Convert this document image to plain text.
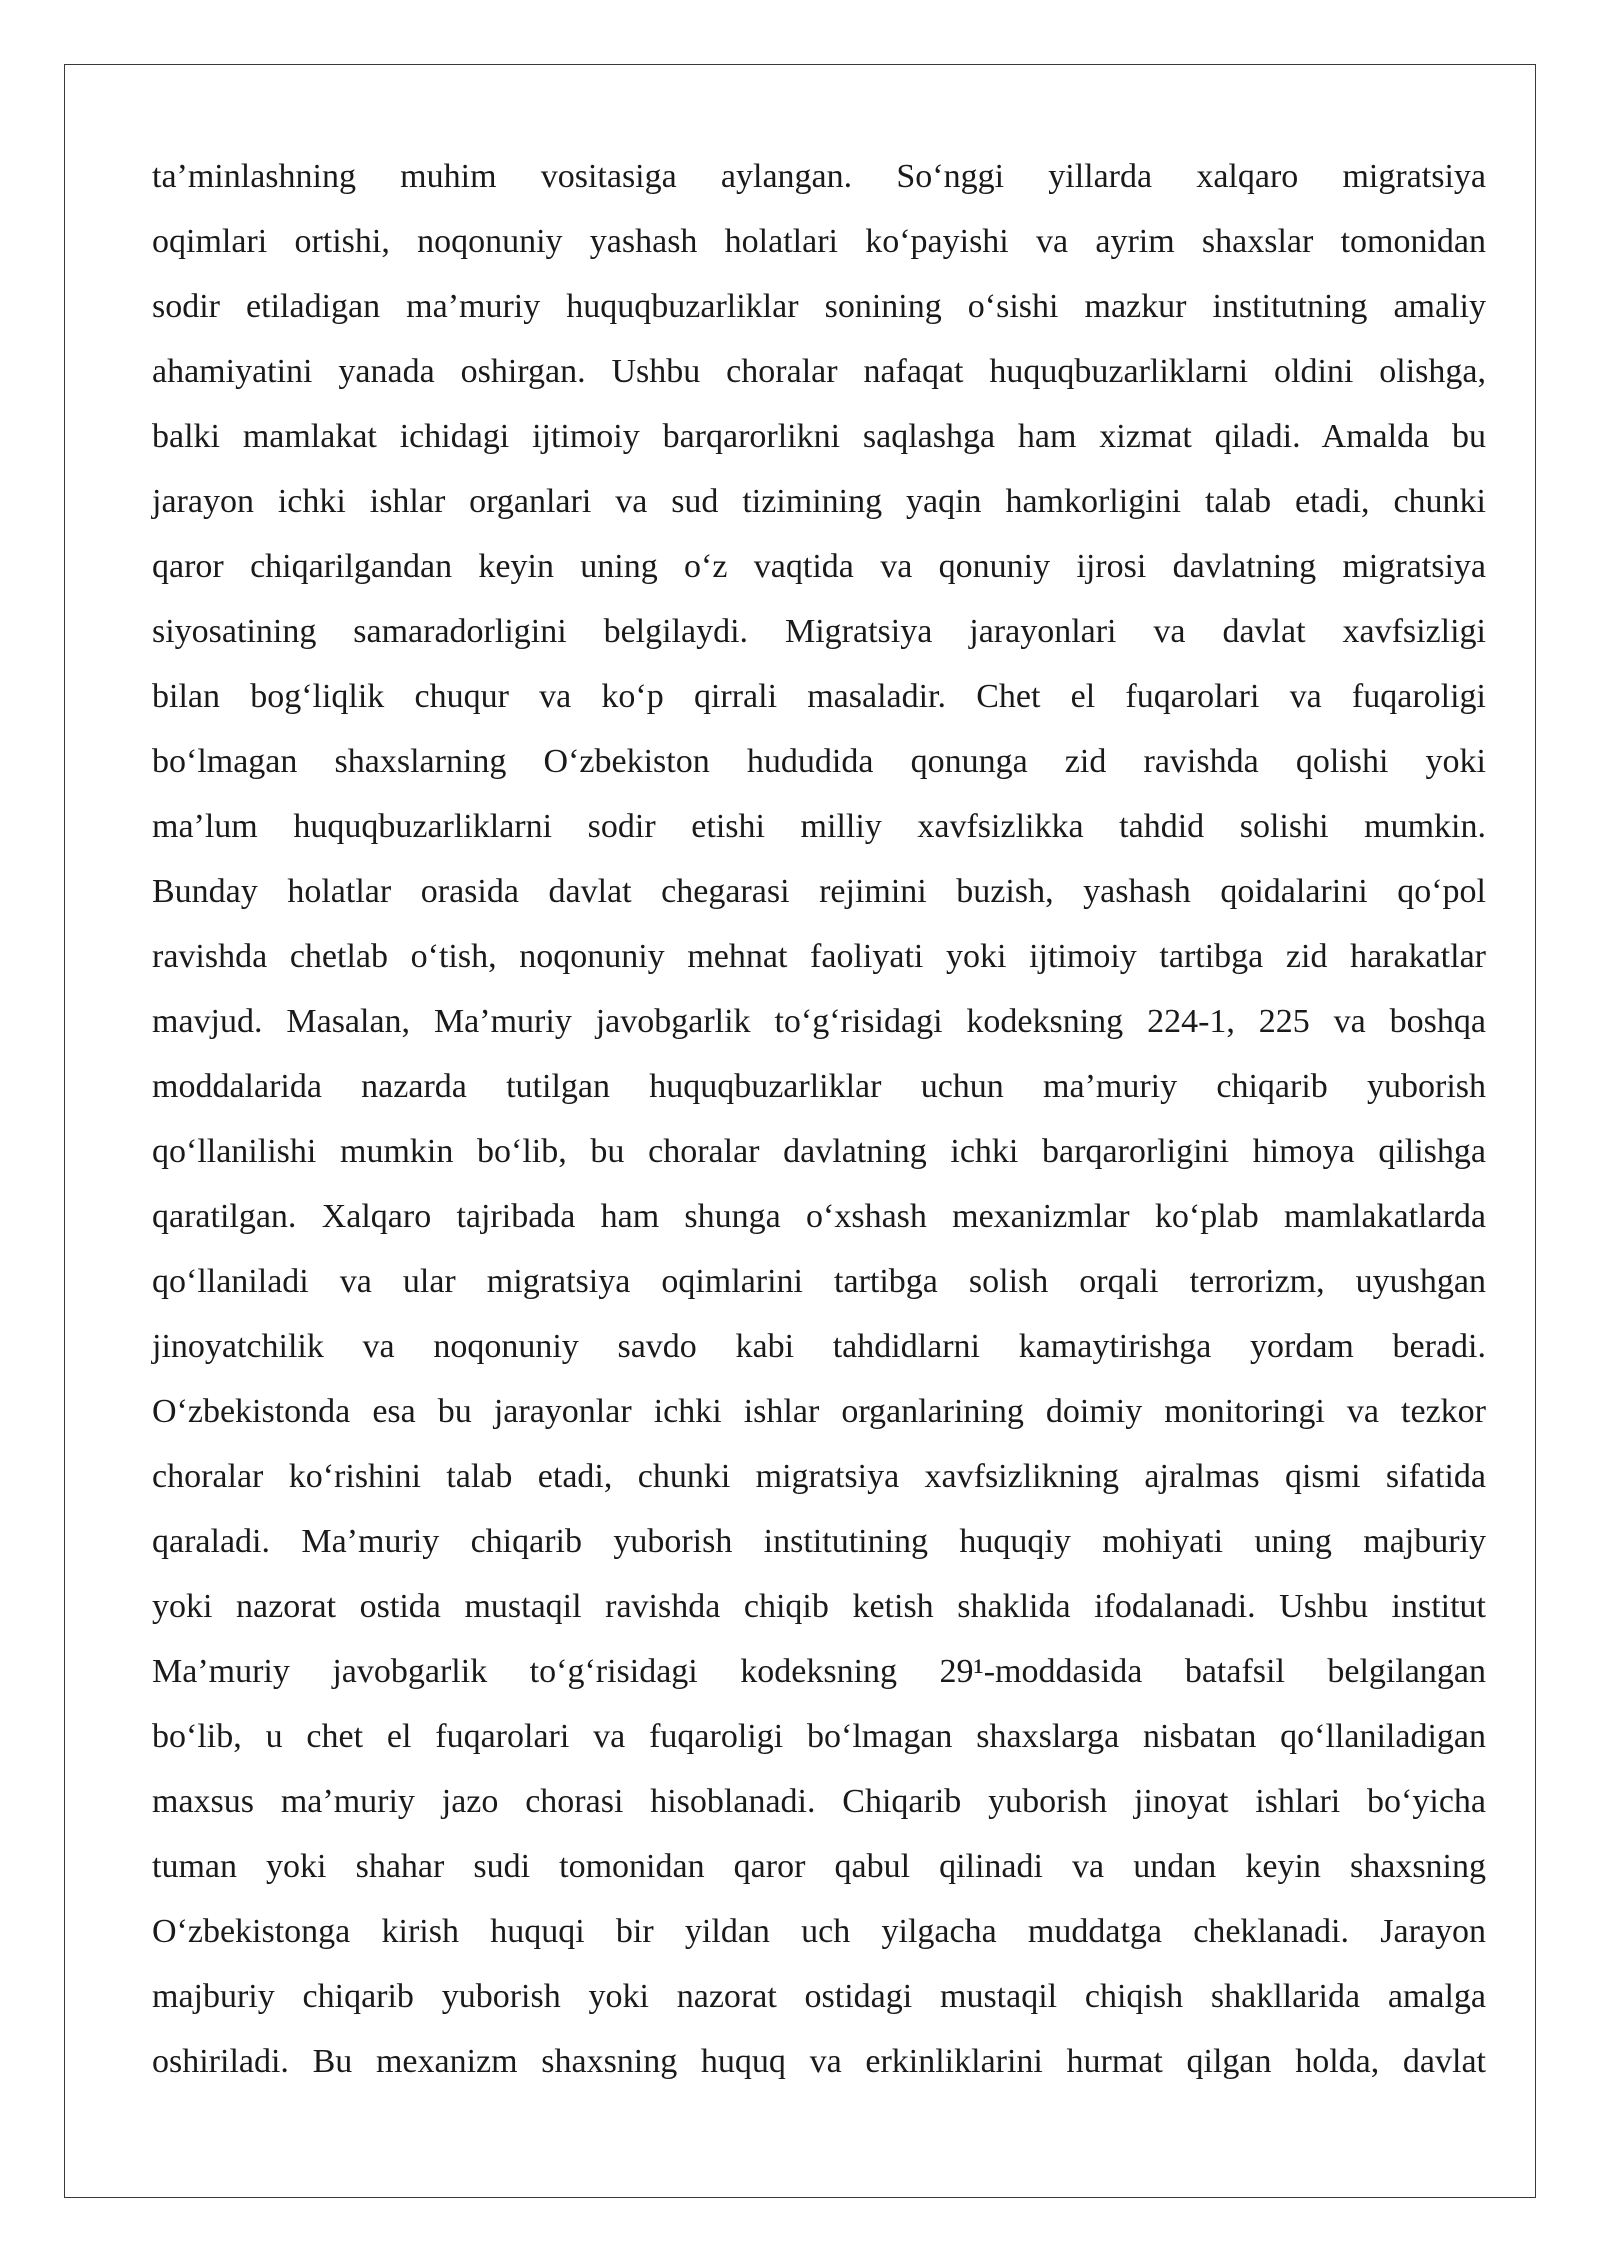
ta’minlashning muhim vositasiga aylangan. So‘nggi yillarda xalqaro migratsiya
oqimlari ortishi, noqonuniy yashash holatlari ko‘payishi va ayrim shaxslar tomonidan
sodir etiladigan ma’muriy huquqbuzarliklar sonining o‘sishi mazkur institutning amaliy
ahamiyatini yanada oshirgan. Ushbu choralar nafaqat huquqbuzarliklarni oldini olishga,
balki mamlakat ichidagi ijtimoiy barqarorlikni saqlashga ham xizmat qiladi. Amalda bu
jarayon ichki ishlar organlari va sud tizimining yaqin hamkorligini talab etadi, chunki
qaror chiqarilgandan keyin uning o‘z vaqtida va qonuniy ijrosi davlatning migratsiya
siyosatining samaradorligini belgilaydi. Migratsiya jarayonlari va davlat xavfsizligi
bilan bog‘liqlik chuqur va ko‘p qirrali masaladir. Chet el fuqarolari va fuqaroligi
bo‘lmagan shaxslarning O‘zbekiston hududida qonunga zid ravishda qolishi yoki
ma’lum huquqbuzarliklarni sodir etishi milliy xavfsizlikka tahdid solishi mumkin.
Bunday holatlar orasida davlat chegarasi rejimini buzish, yashash qoidalarini qo‘pol
ravishda chetlab o‘tish, noqonuniy mehnat faoliyati yoki ijtimoiy tartibga zid harakatlar
mavjud. Masalan, Ma’muriy javobgarlik to‘g‘risidagi kodeksning 224-1, 225 va boshqa
moddalarida nazarda tutilgan huquqbuzarliklar uchun ma’muriy chiqarib yuborish
qo‘llanilishi mumkin bo‘lib, bu choralar davlatning ichki barqarorligini himoya qilishga
qaratilgan. Xalqaro tajribada ham shunga o‘xshash mexanizmlar ko‘plab mamlakatlarda
qo‘llaniladi va ular migratsiya oqimlarini tartibga solish orqali terrorizm, uyushgan
jinoyatchilik va noqonuniy savdo kabi tahdidlarni kamaytirishga yordam beradi.
O‘zbekistonda esa bu jarayonlar ichki ishlar organlarining doimiy monitoringi va tezkor
choralar ko‘rishini talab etadi, chunki migratsiya xavfsizlikning ajralmas qismi sifatida
qaraladi. Ma’muriy chiqarib yuborish institutining huquqiy mohiyati uning majburiy
yoki nazorat ostida mustaqil ravishda chiqib ketish shaklida ifodalanadi. Ushbu institut
Ma’muriy javobgarlik to‘g‘risidagi kodeksning 29¹-moddasida batafsil belgilangan
bo‘lib, u chet el fuqarolari va fuqaroligi bo‘lmagan shaxslarga nisbatan qo‘llaniladigan
maxsus ma’muriy jazo chorasi hisoblanadi. Chiqarib yuborish jinoyat ishlari bo‘yicha
tuman yoki shahar sudi tomonidan qaror qabul qilinadi va undan keyin shaxsning
O‘zbekistonga kirish huquqi bir yildan uch yilgacha muddatga cheklanadi. Jarayon
majburiy chiqarib yuborish yoki nazorat ostidagi mustaqil chiqish shakllarida amalga
oshiriladi. Bu mexanizm shaxsning huquq va erkinliklarini hurmat qilgan holda, davlat
